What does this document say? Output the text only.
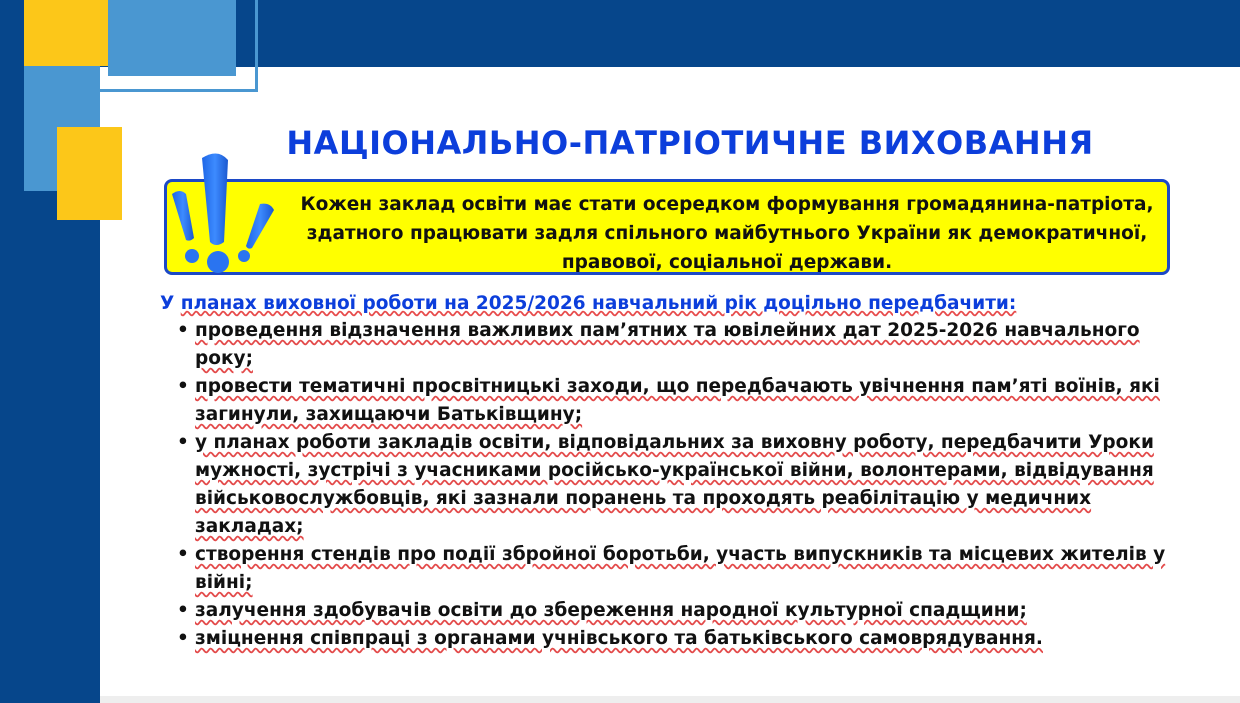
НАЦІОНАЛЬНО-ПАТРІОТИЧНЕ ВИХОВАННЯ
Кожен заклад освіти має стати осередком формування громадянина-патріота, здатного працювати задля спільного майбутнього України як демократичної, правової, соціальної держави.

У планах виховної роботи на 2025/2026 навчальний рік доцільно передбачити:

• проведення відзначення важливих пам’ятних та ювілейних дат 2025-2026 навчального року;
• провести тематичні просвітницькі заходи, що передбачають увічнення пам’яті воїнів, які загинули, захищаючи Батьківщину;
• у планах роботи закладів освіти, відповідальних за виховну роботу, передбачити Уроки мужності, зустрічі з учасниками російсько-української війни, волонтерами, відвідування військовослужбовців, які зазнали поранень та проходять реабілітацію у медичних закладах;
• створення стендів про події збройної боротьби, участь випускників та місцевих жителів у війні;
• залучення здобувачів освіти до збереження народної культурної спадщини;
• зміцнення співпраці з органами учнівського та батьківського самоврядування.
